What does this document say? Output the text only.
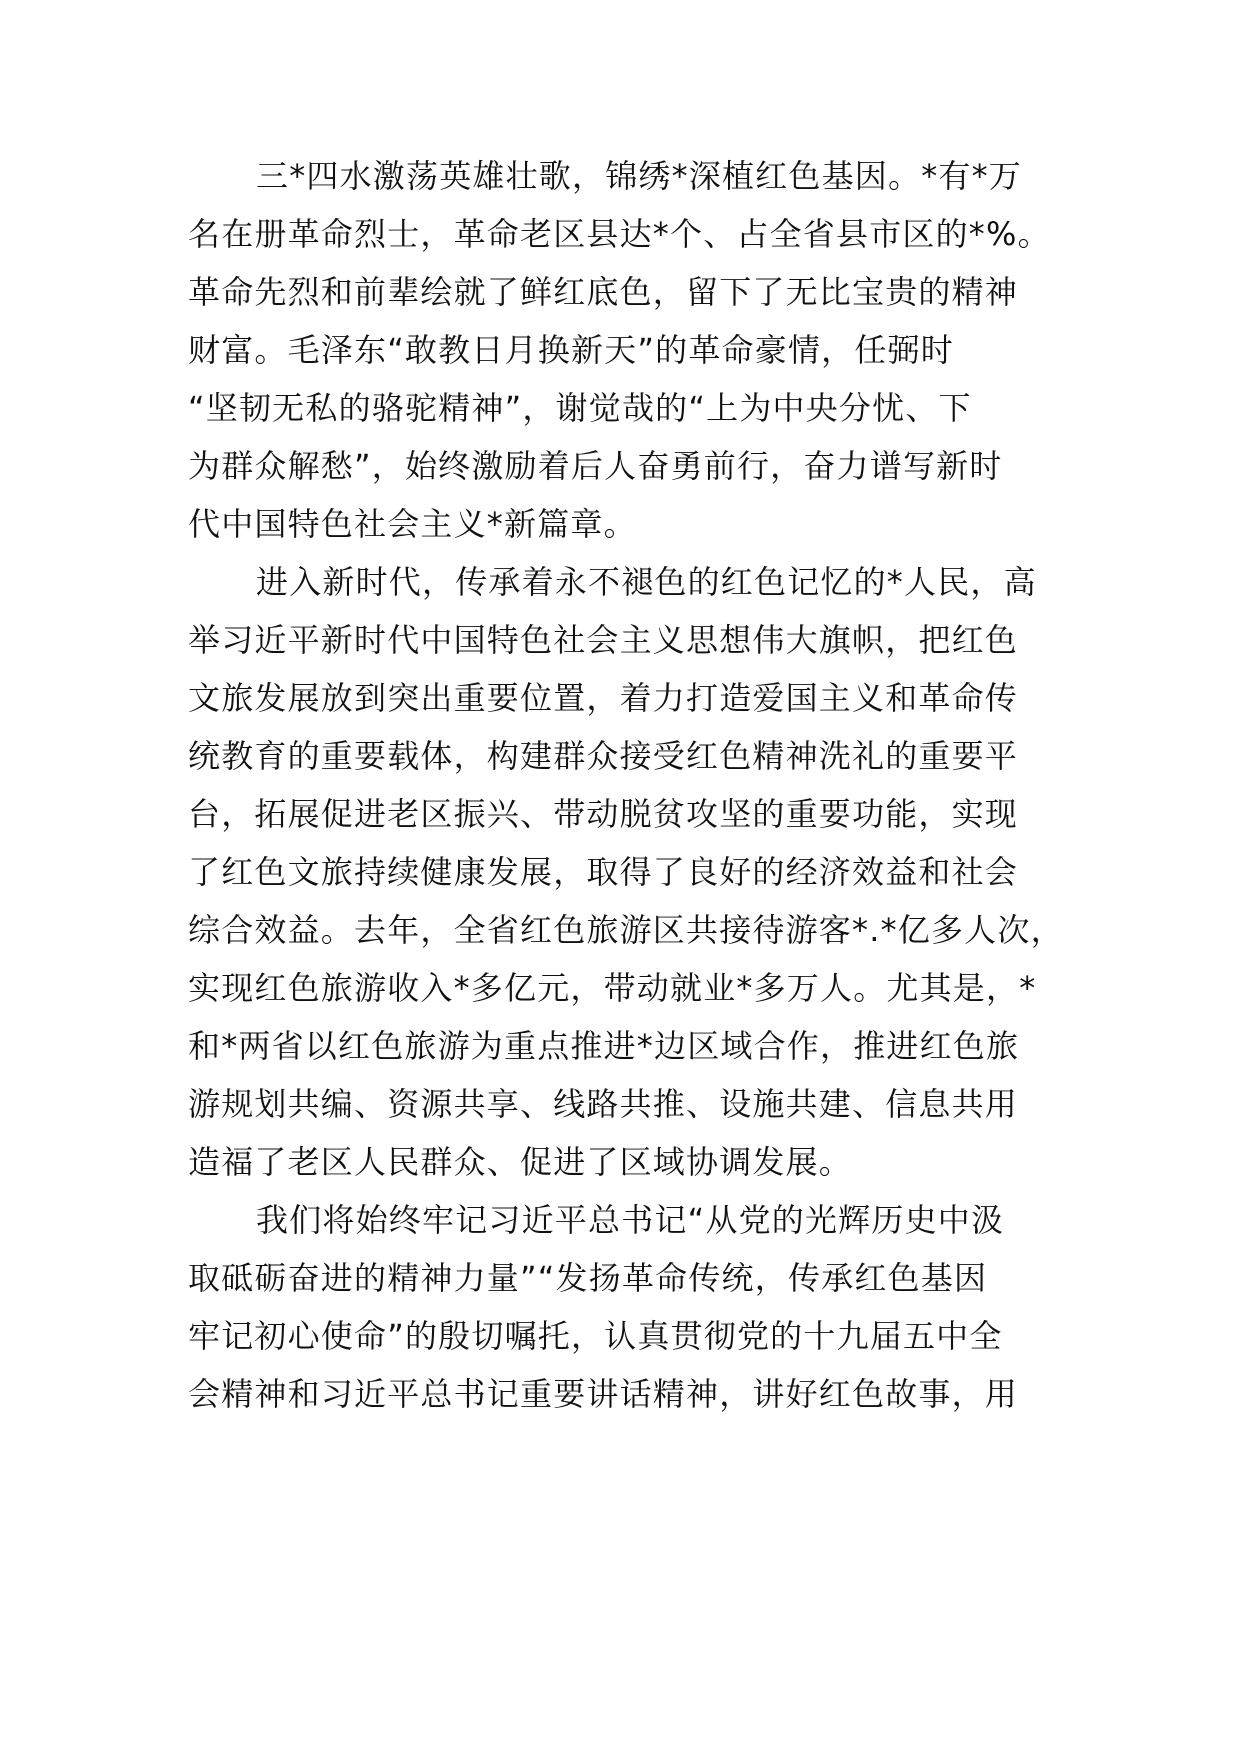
三*四水激荡英雄壮歌，锦绣*深植红色基因。*有*万

名在册革命烈士，革命老区县达*个、占全省县市区的*%。

革命先烈和前辈绘就了鲜红底色，留下了无比宝贵的精神

财富。毛泽东“敢教日月换新天”的革命豪情，任弼时

“坚韧无私的骆驼精神”，谢觉哉的“上为中央分忧、下

为群众解愁”，始终激励着后人奋勇前行，奋力谱写新时

代中国特色社会主义*新篇章。

进入新时代，传承着永不褪色的红色记忆的*人民，高

举习近平新时代中国特色社会主义思想伟大旗帜，把红色

文旅发展放到突出重要位置，着力打造爱国主义和革命传

统教育的重要载体，构建群众接受红色精神洗礼的重要平

台，拓展促进老区振兴、带动脱贫攻坚的重要功能，实现

了红色文旅持续健康发展，取得了良好的经济效益和社会

综合效益。去年，全省红色旅游区共接待游客*.*亿多人次，

实现红色旅游收入*多亿元，带动就业*多万人。尤其是，*

和*两省以红色旅游为重点推进*边区域合作，推进红色旅

游规划共编、资源共享、线路共推、设施共建、信息共用

造福了老区人民群众、促进了区域协调发展。

我们将始终牢记习近平总书记“从党的光辉历史中汲

取砥砺奋进的精神力量”“发扬革命传统，传承红色基因

牢记初心使命”的殷切嘱托，认真贯彻党的十九届五中全

会精神和习近平总书记重要讲话精神，讲好红色故事，用
